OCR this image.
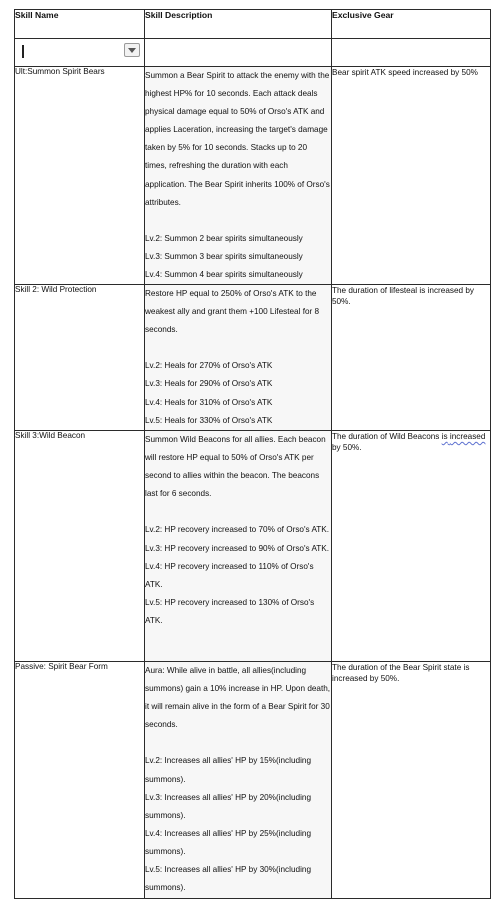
Skill Name	Skill Description	Exclusive Gear

Ult:Summon Spirit Bears	Summon a Bear Spirit to attack the enemy with the highest HP% for 10 seconds. Each attack deals physical damage equal to 50% of Orso's ATK and applies Laceration, increasing the target's damage taken by 5% for 10 seconds. Stacks up to 20 times, refreshing the duration with each application. The Bear Spirit inherits 100% of Orso's attributes.

Lv.2: Summon 2 bear spirits simultaneously

Lv.3: Summon 3 bear spirits simultaneously

Lv.4: Summon 4 bear spirits simultaneously	Bear spirit ATK speed increased by 50%
Skill 2: Wild Protection	Restore HP equal to 250% of Orso's ATK to the weakest ally and grant them +100 Lifesteal for 8 seconds.

Lv.2: Heals for 270% of Orso's ATK

Lv.3: Heals for 290% of Orso's ATK

Lv.4: Heals for 310% of Orso's ATK

Lv.5: Heals for 330% of Orso's ATK	The duration of lifesteal is increased by 50%.
Skill 3:Wild Beacon	Summon Wild Beacons for all allies. Each beacon will restore HP equal to 50% of Orso's ATK per second to allies within the beacon. The beacons last for 6 seconds.

Lv.2: HP recovery increased to 70% of Orso's ATK.

Lv.3: HP recovery increased to 90% of Orso's ATK.

Lv.4: HP recovery increased to 110% of Orso's ATK.

Lv.5: HP recovery increased to 130% of Orso's ATK.	The duration of Wild Beacons is increased by 50%.
Passive: Spirit Bear Form	Aura: While alive in battle, all allies(including summons) gain a 10% increase in HP. Upon death, it will remain alive in the form of a Bear Spirit for 30 seconds.

Lv.2: Increases all allies' HP by 15%(including summons).

Lv.3: Increases all allies' HP by 20%(including summons).

Lv.4: Increases all allies' HP by 25%(including summons).

Lv.5: Increases all allies' HP by 30%(including summons).	The duration of the Bear Spirit state is increased by 50%.
